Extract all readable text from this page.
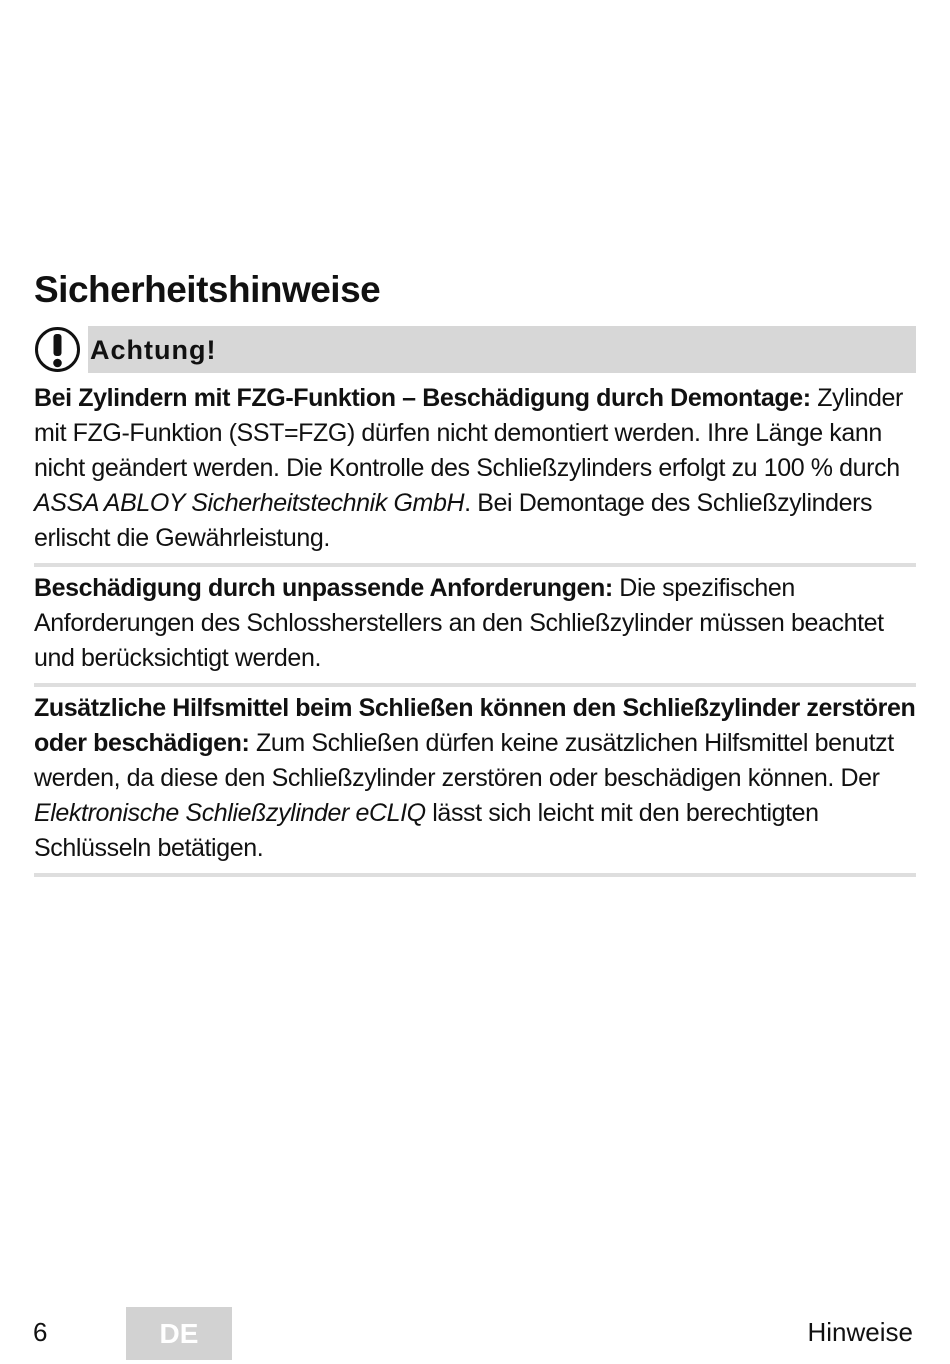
Sicherheitshinweise
Achtung!

Bei Zylindern mit FZG-Funktion – Beschädigung durch Demontage: Zylinder mit FZG-Funktion (SST=FZG) dürfen nicht demontiert werden. Ihre Länge kann nicht geändert werden. Die Kontrolle des Schließzylinders erfolgt zu 100 % durch ASSA ABLOY Sicherheitstechnik GmbH. Bei Demontage des Schließzylinders erlischt die Gewährleistung.

Beschädigung durch unpassende Anforderungen: Die spezifischen Anforderungen des Schlossherstellers an den Schließzylinder müssen beachtet und berücksichtigt werden.

Zusätzliche Hilfsmittel beim Schließen können den Schließzylinder zerstören oder beschädigen: Zum Schließen dürfen keine zusätzlichen Hilfsmittel benutzt werden, da diese den Schließzylinder zerstören oder beschädigen können. Der Elektronische Schließzylinder eCLIQ lässt sich leicht mit den berechtigten Schlüsseln betätigen.

6	DE	Hinweise
